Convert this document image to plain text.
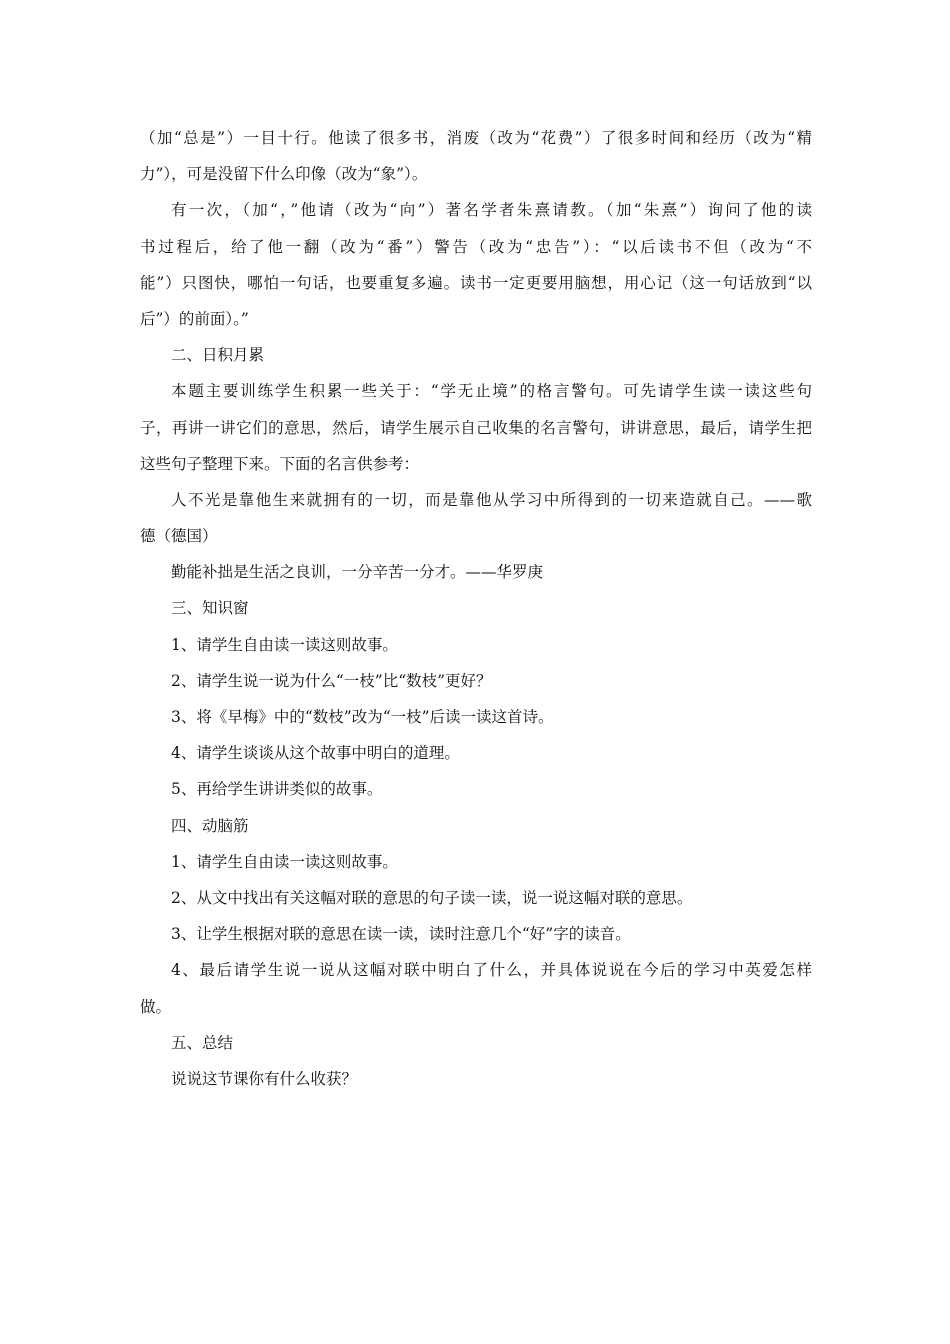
（加“总是”）一目十行。他读了很多书，消废（改为“花费”）了很多时间和经历（改为“精
力”），可是没留下什么印像（改为“象”）。
有一次，（加“，”他请（改为“向”）著名学者朱熹请教。（加“朱熹”）询问了他的读
书过程后，给了他一翻（改为“番”）警告（改为“忠告”）：“以后读书不但（改为“不
能”）只图快，哪怕一句话，也要重复多遍。读书一定更要用脑想，用心记（这一句话放到“以
后”）的前面）。”
二、日积月累
本题主要训练学生积累一些关于：“学无止境”的格言警句。可先请学生读一读这些句
子，再讲一讲它们的意思，然后，请学生展示自己收集的名言警句，讲讲意思，最后，请学生把
这些句子整理下来。下面的名言供参考：
人不光是靠他生来就拥有的一切，而是靠他从学习中所得到的一切来造就自己。——歌
德（德国）
勤能补拙是生活之良训，一分辛苦一分才。——华罗庚
三、知识窗
1、请学生自由读一读这则故事。
2、请学生说一说为什么“一枝”比“数枝”更好？
3、将《早梅》中的“数枝”改为“一枝”后读一读这首诗。
4、请学生谈谈从这个故事中明白的道理。
5、再给学生讲讲类似的故事。
四、动脑筋
1、请学生自由读一读这则故事。
2、从文中找出有关这幅对联的意思的句子读一读，说一说这幅对联的意思。
3、让学生根据对联的意思在读一读，读时注意几个“好”字的读音。
4、最后请学生说一说从这幅对联中明白了什么，并具体说说在今后的学习中英爱怎样
做。
五、总结
说说这节课你有什么收获？
